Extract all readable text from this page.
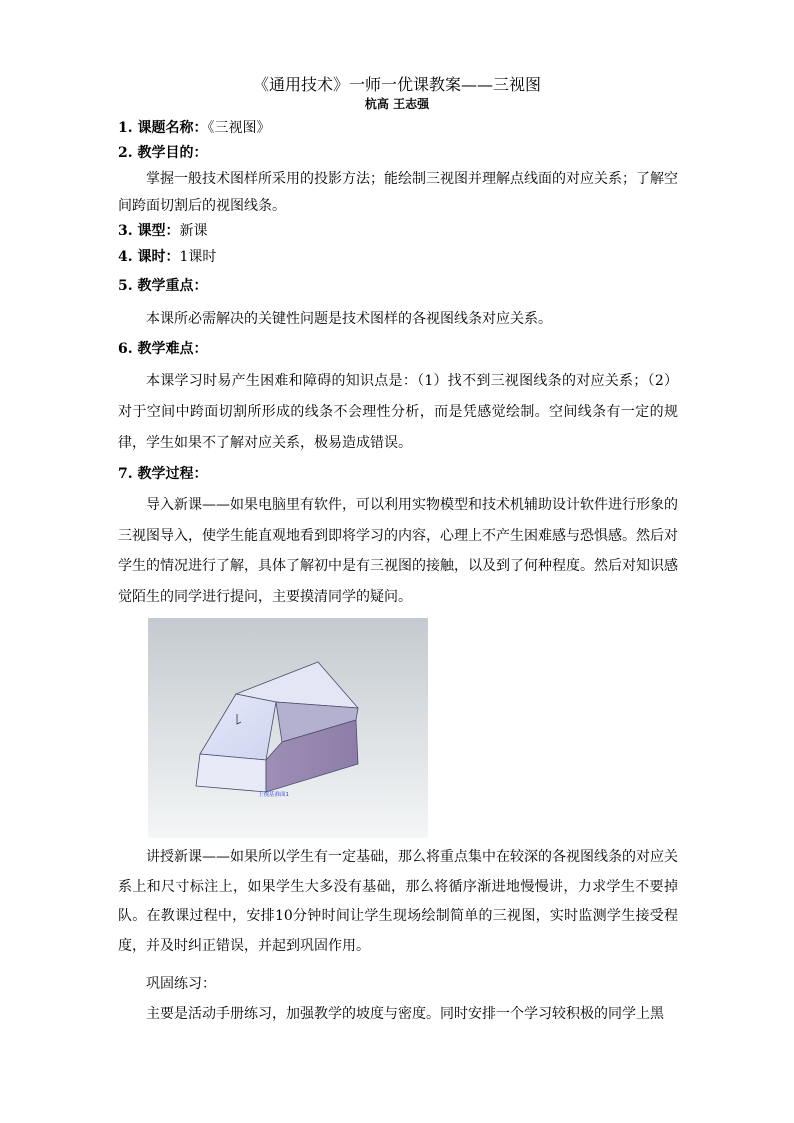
《通用技术》一师一优课教案——三视图
杭高 王志强
1. 课题名称：《三视图》
2. 教学目的：
掌握一般技术图样所采用的投影方法；能绘制三视图并理解点线面的对应关系；了解空间跨面切割后的视图线条。
3. 课型：新课
4. 课时：1课时
5. 教学重点：
本课所必需解决的关键性问题是技术图样的各视图线条对应关系。
6. 教学难点：
本课学习时易产生困难和障碍的知识点是：（1）找不到三视图线条的对应关系；（2）对于空间中跨面切割所形成的线条不会理性分析，而是凭感觉绘制。空间线条有一定的规律，学生如果不了解对应关系，极易造成错误。
7. 教学过程：
导入新课——如果电脑里有软件，可以利用实物模型和技术机辅助设计软件进行形象的三视图导入，使学生能直观地看到即将学习的内容，心理上不产生困难感与恐惧感。然后对学生的情况进行了解，具体了解初中是有三视图的接触，以及到了何种程度。然后对知识感觉陌生的同学进行提问，主要摸清同学的疑问。
上视基准面1
讲授新课——如果所以学生有一定基础，那么将重点集中在较深的各视图线条的对应关系上和尺寸标注上，如果学生大多没有基础，那么将循序渐进地慢慢讲，力求学生不要掉队。在教课过程中，安排10分钟时间让学生现场绘制简单的三视图，实时监测学生接受程度，并及时纠正错误，并起到巩固作用。
巩固练习：
主要是活动手册练习，加强教学的坡度与密度。同时安排一个学习较积极的同学上黑
